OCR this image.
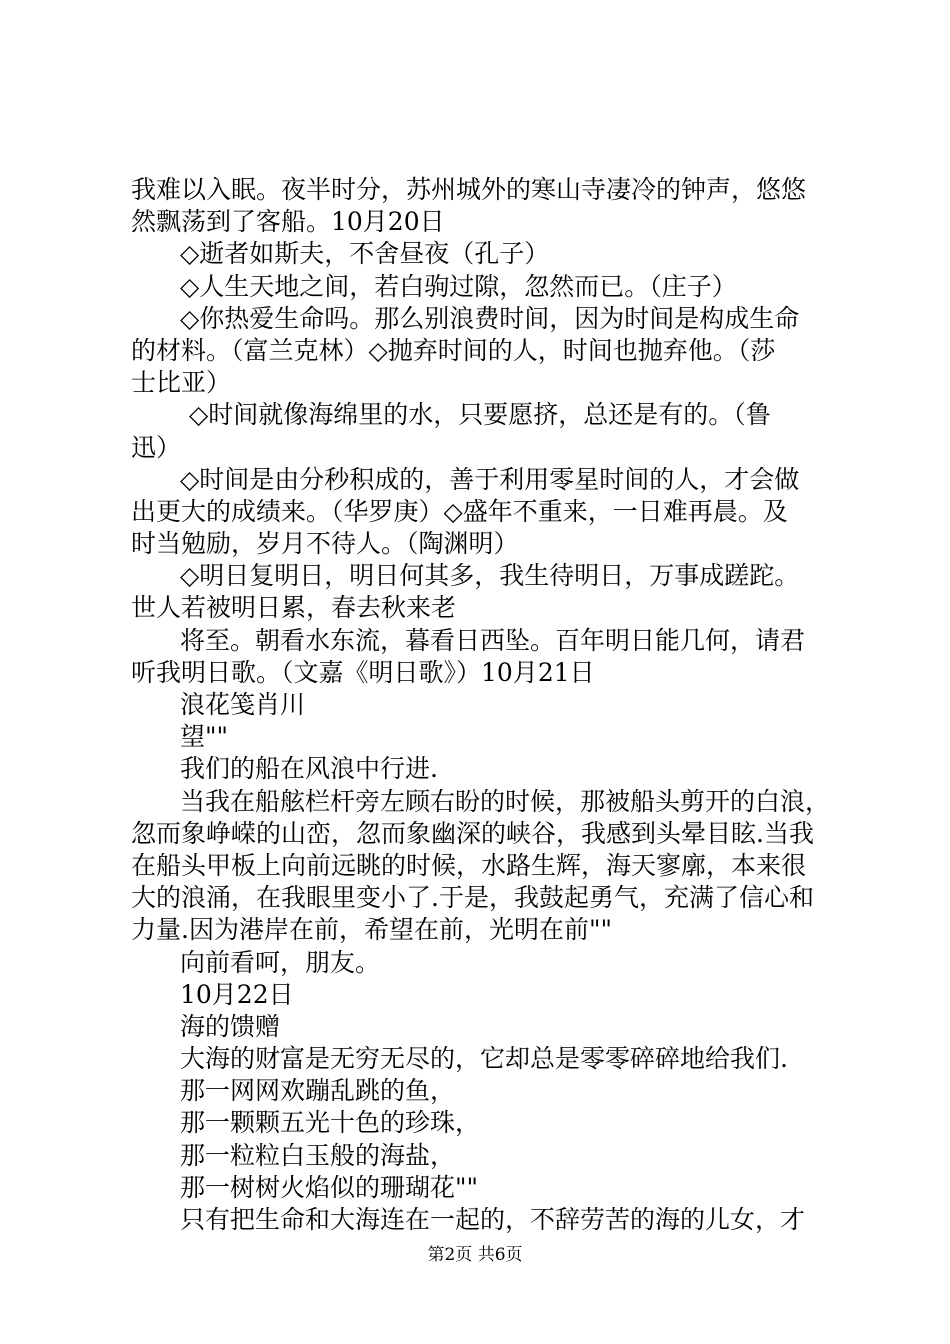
我难以入眠。夜半时分，苏州城外的寒山寺凄冷的钟声，悠悠
然飘荡到了客船。10月20日
◇逝者如斯夫，不舍昼夜（孔子）
◇人生天地之间，若白驹过隙，忽然而已。（庄子）
◇你热爱生命吗。那么别浪费时间，因为时间是构成生命
的材料。（富兰克林）◇抛弃时间的人，时间也抛弃他。（莎
士比亚）
◇时间就像海绵里的水，只要愿挤，总还是有的。（鲁
迅）
◇时间是由分秒积成的，善于利用零星时间的人，才会做
出更大的成绩来。（华罗庚）◇盛年不重来，一日难再晨。及
时当勉励，岁月不待人。（陶渊明）
◇明日复明日，明日何其多，我生待明日，万事成蹉跎。
世人若被明日累，春去秋来老
将至。朝看水东流，暮看日西坠。百年明日能几何，请君
听我明日歌。（文嘉《明日歌》）10月21日
浪花笺肖川
望""
我们的船在风浪中行进.
当我在船舷栏杆旁左顾右盼的时候，那被船头剪开的白浪，
忽而象峥嵘的山峦，忽而象幽深的峡谷，我感到头晕目眩.当我
在船头甲板上向前远眺的时候，水路生辉，海天寥廓，本来很
大的浪涌，在我眼里变小了.于是，我鼓起勇气，充满了信心和
力量.因为港岸在前，希望在前，光明在前""
向前看呵，朋友。
10月22日
海的馈赠
大海的财富是无穷无尽的，它却总是零零碎碎地给我们.
那一网网欢蹦乱跳的鱼，
那一颗颗五光十色的珍珠，
那一粒粒白玉般的海盐，
那一树树火焰似的珊瑚花""
只有把生命和大海连在一起的，不辞劳苦的海的儿女，才
第2页 共6页
